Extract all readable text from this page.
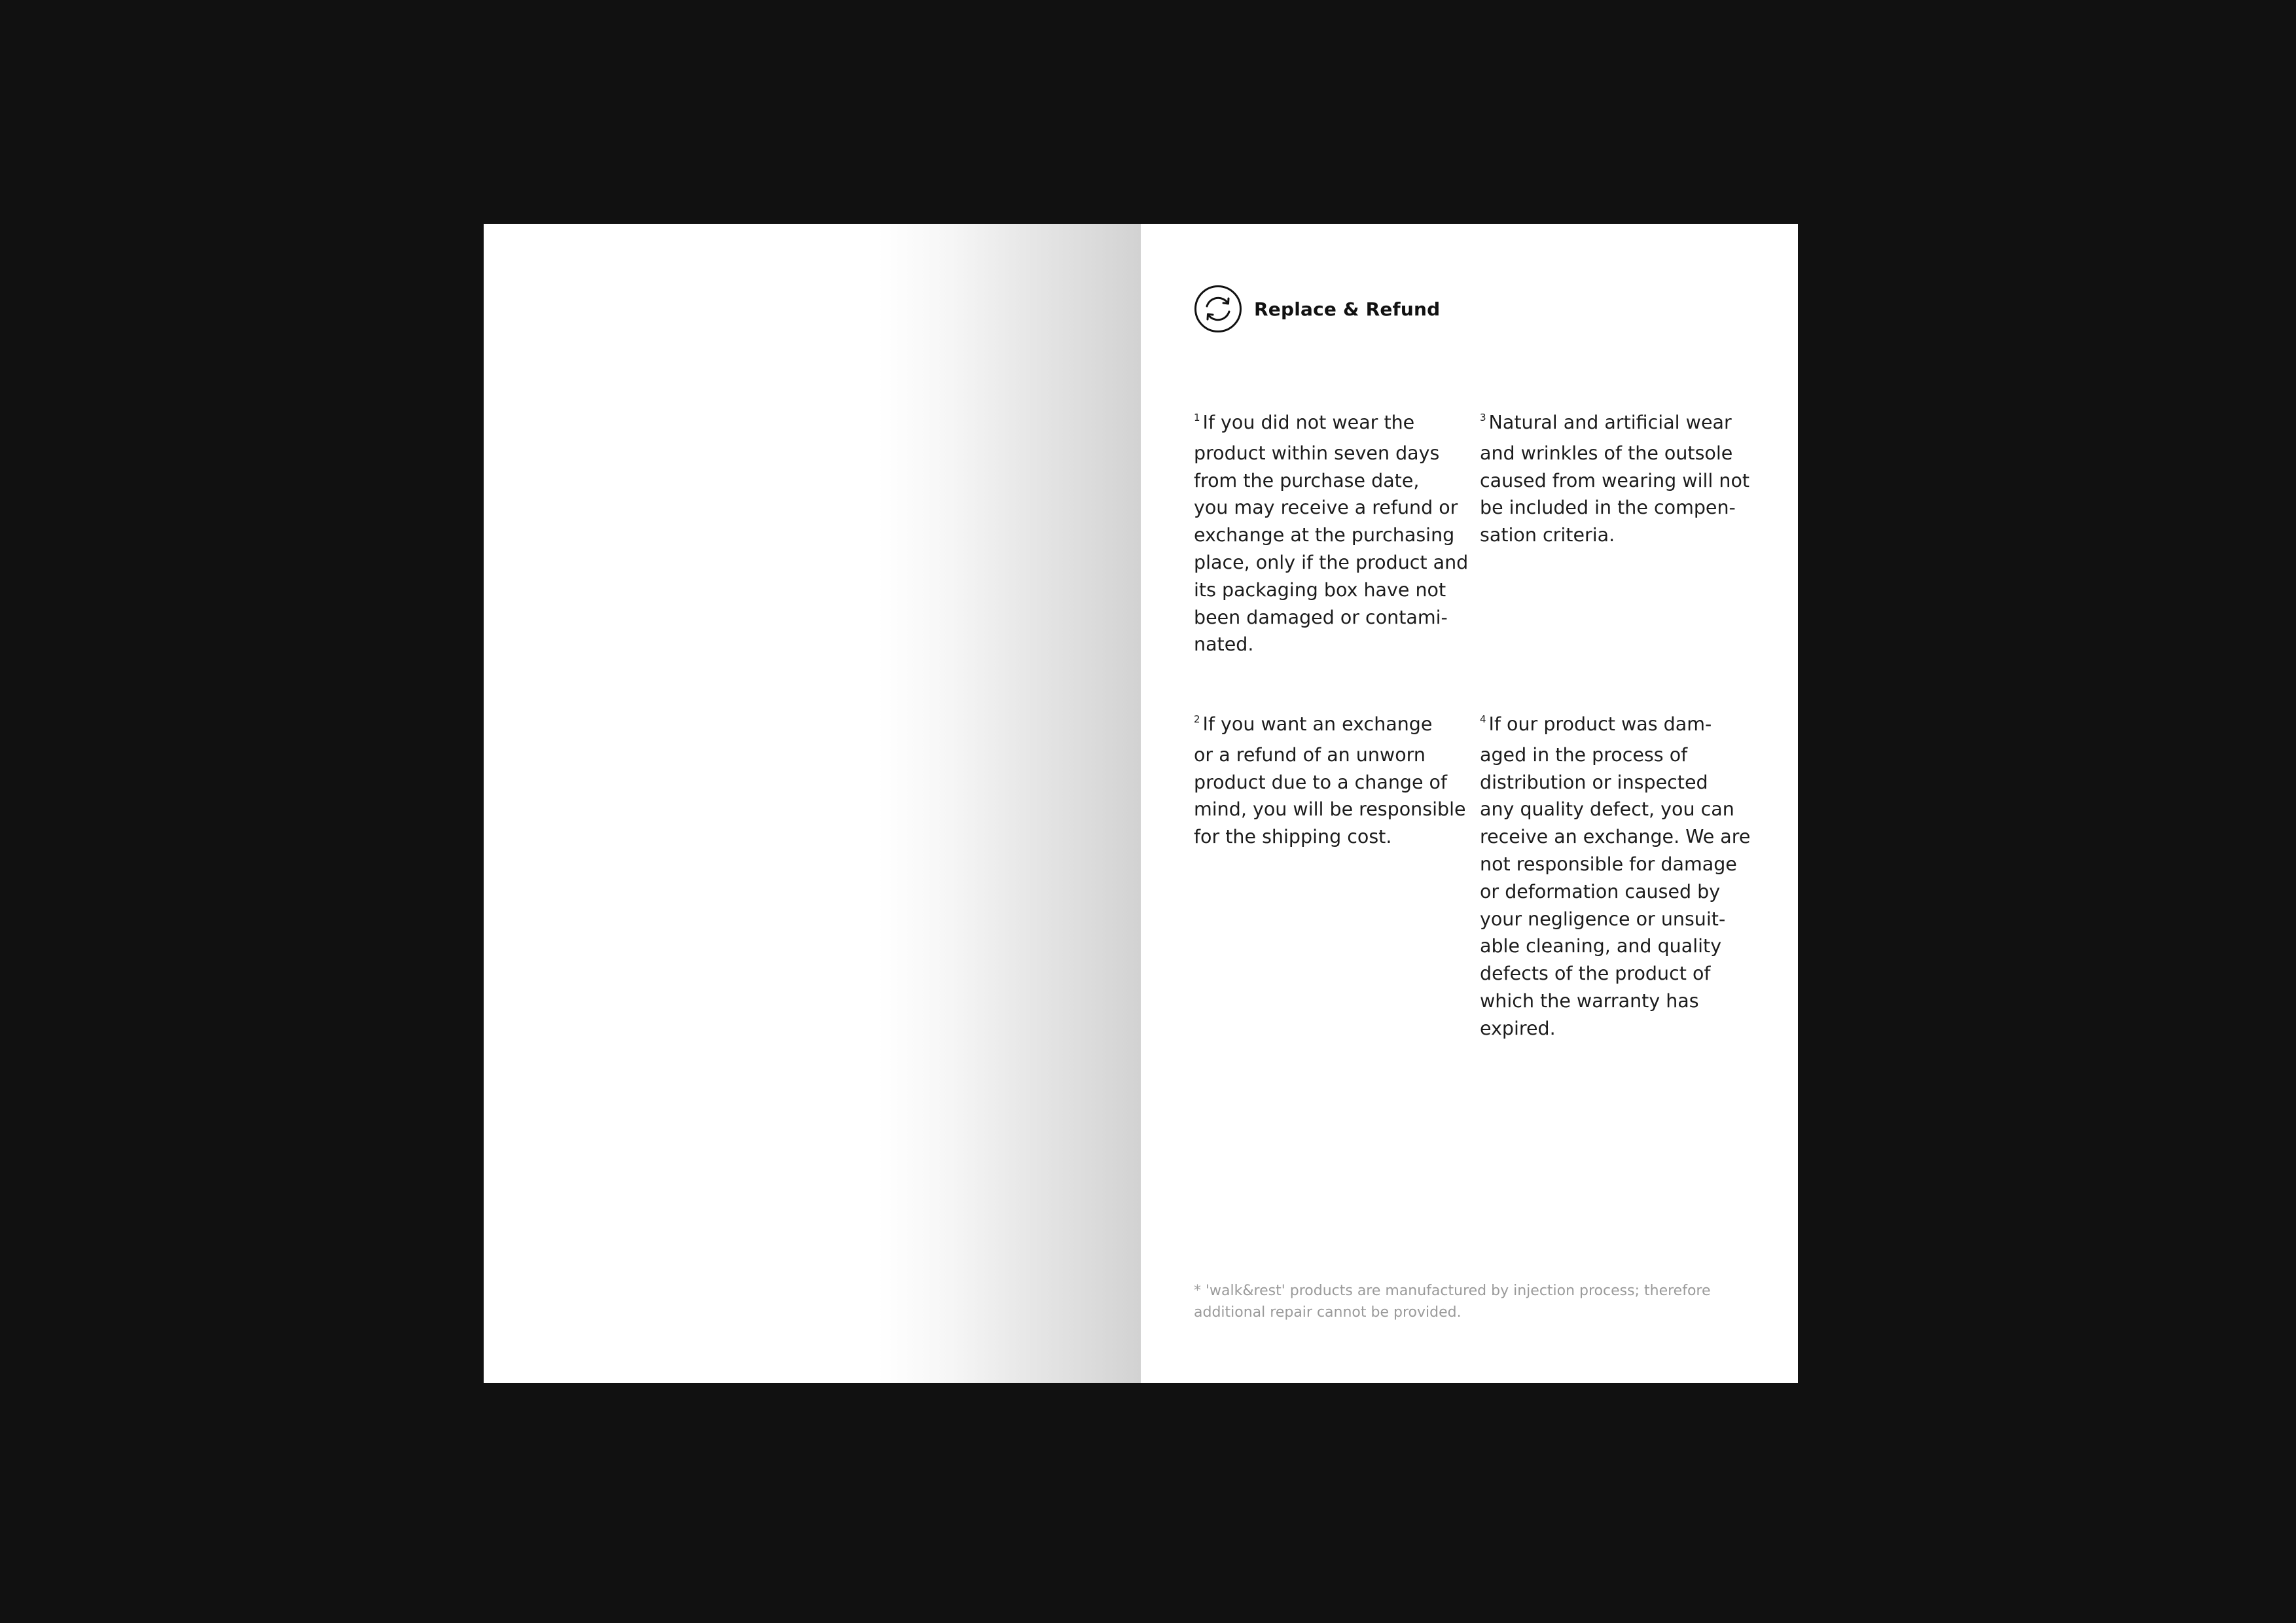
Replace & Refund
$^1$ If you did not wear the
product within seven days
from the purchase date,
you may receive a refund or
exchange at the purchasing
place, only if the product and
its packaging box have not
been damaged or contami-
nated.
$^3$ Natural and artificial wear
and wrinkles of the outsole
caused from wearing will not
be included in the compen-
sation criteria.
$^2$ If you want an exchange
or a refund of an unworn
product due to a change of
mind, you will be responsible
for the shipping cost.
$^4$ If our product was dam-
aged in the process of
distribution or inspected
any quality defect, you can
receive an exchange. We are
not responsible for damage
or deformation caused by
your negligence or unsuit-
able cleaning, and quality
defects of the product of
which the warranty has
expired.
* 'walk&rest' products are manufactured by injection process; therefore
additional repair cannot be provided.
